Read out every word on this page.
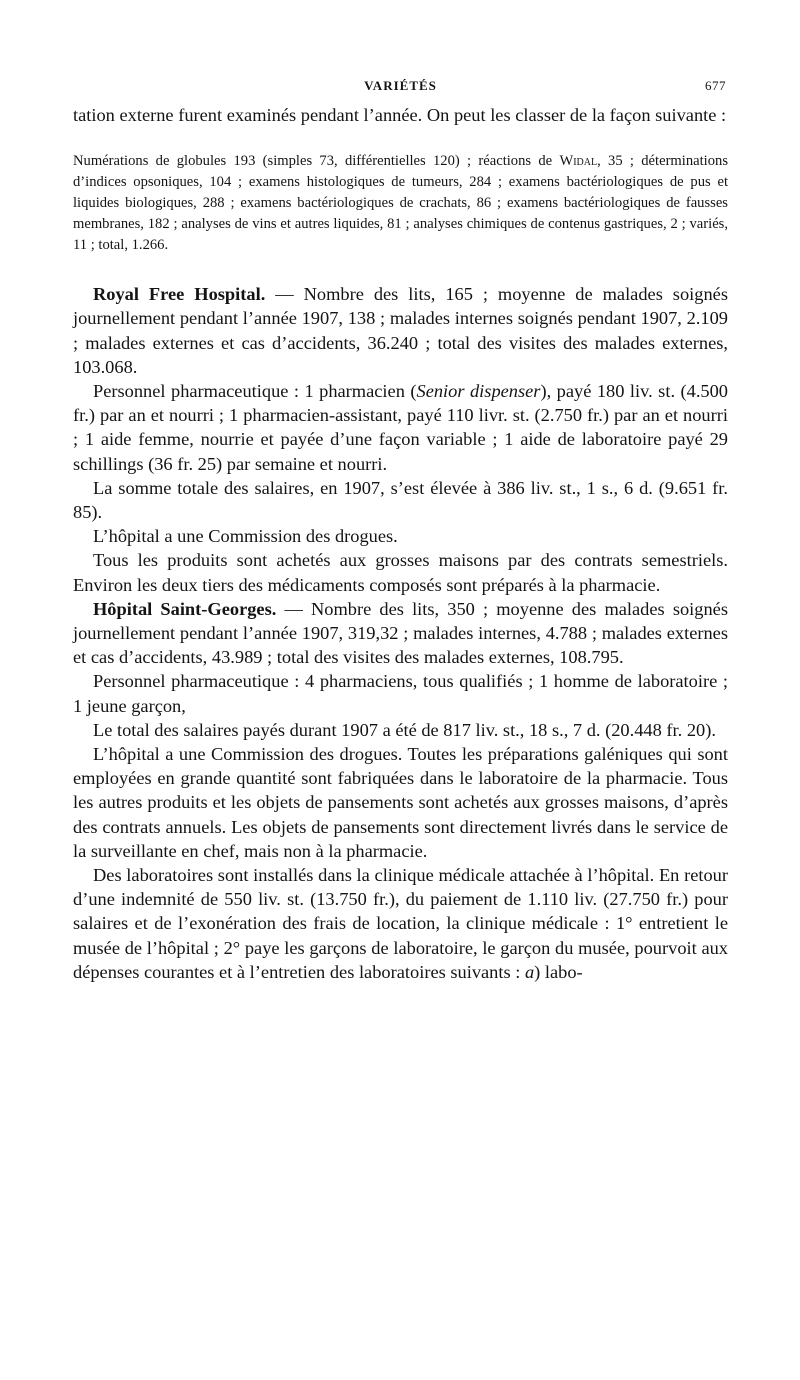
VARIÉTÉS	677

tation externe furent examinés pendant l’année. On peut les classer de la façon suivante :

Numérations de globules 193 (simples 73, différentielles 120) ; réactions de Widal, 35 ; déterminations d’indices opsoniques, 104 ; examens histologiques de tumeurs, 284 ; examens bactériologiques de pus et liquides biologiques, 288 ; examens bactériologiques de crachats, 86 ; examens bactériologiques de fausses membranes, 182 ; analyses de vins et autres liquides, 81 ; analyses chimiques de contenus gastriques, 2 ; variés, 11 ; total, 1.266.

Royal Free Hospital. — Nombre des lits, 165 ; moyenne de malades soignés journellement pendant l’année 1907, 138 ; malades internes soignés pendant 1907, 2.109 ; malades externes et cas d’accidents, 36.240 ; total des visites des malades externes, 103.068.

Personnel pharmaceutique : 1 pharmacien (Senior dispenser), payé 180 liv. st. (4.500 fr.) par an et nourri ; 1 pharmacien-assistant, payé 110 livr. st. (2.750 fr.) par an et nourri ; 1 aide femme, nourrie et payée d’une façon variable ; 1 aide de laboratoire payé 29 schillings (36 fr. 25) par semaine et nourri.

La somme totale des salaires, en 1907, s’est élevée à 386 liv. st., 1 s., 6 d. (9.651 fr. 85).

L’hôpital a une Commission des drogues.

Tous les produits sont achetés aux grosses maisons par des contrats semestriels. Environ les deux tiers des médicaments composés sont préparés à la pharmacie.

Hôpital Saint-Georges. — Nombre des lits, 350 ; moyenne des malades soignés journellement pendant l’année 1907, 319,32 ; malades internes, 4.788 ; malades externes et cas d’accidents, 43.989 ; total des visites des malades externes, 108.795.

Personnel pharmaceutique : 4 pharmaciens, tous qualifiés ; 1 homme de laboratoire ; 1 jeune garçon,

Le total des salaires payés durant 1907 a été de 817 liv. st., 18 s., 7 d. (20.448 fr. 20).

L’hôpital a une Commission des drogues. Toutes les préparations galéniques qui sont employées en grande quantité sont fabriquées dans le laboratoire de la pharmacie. Tous les autres produits et les objets de pansements sont achetés aux grosses maisons, d’après des contrats annuels. Les objets de pansements sont directement livrés dans le service de la surveillante en chef, mais non à la pharmacie.

Des laboratoires sont installés dans la clinique médicale attachée à l’hôpital. En retour d’une indemnité de 550 liv. st. (13.750 fr.), du paiement de 1.110 liv. (27.750 fr.) pour salaires et de l’exonération des frais de location, la clinique médicale : 1° entretient le musée de l’hôpital ; 2° paye les garçons de laboratoire, le garçon du musée, pourvoit aux dépenses courantes et à l’entretien des laboratoires suivants : a) labo-
